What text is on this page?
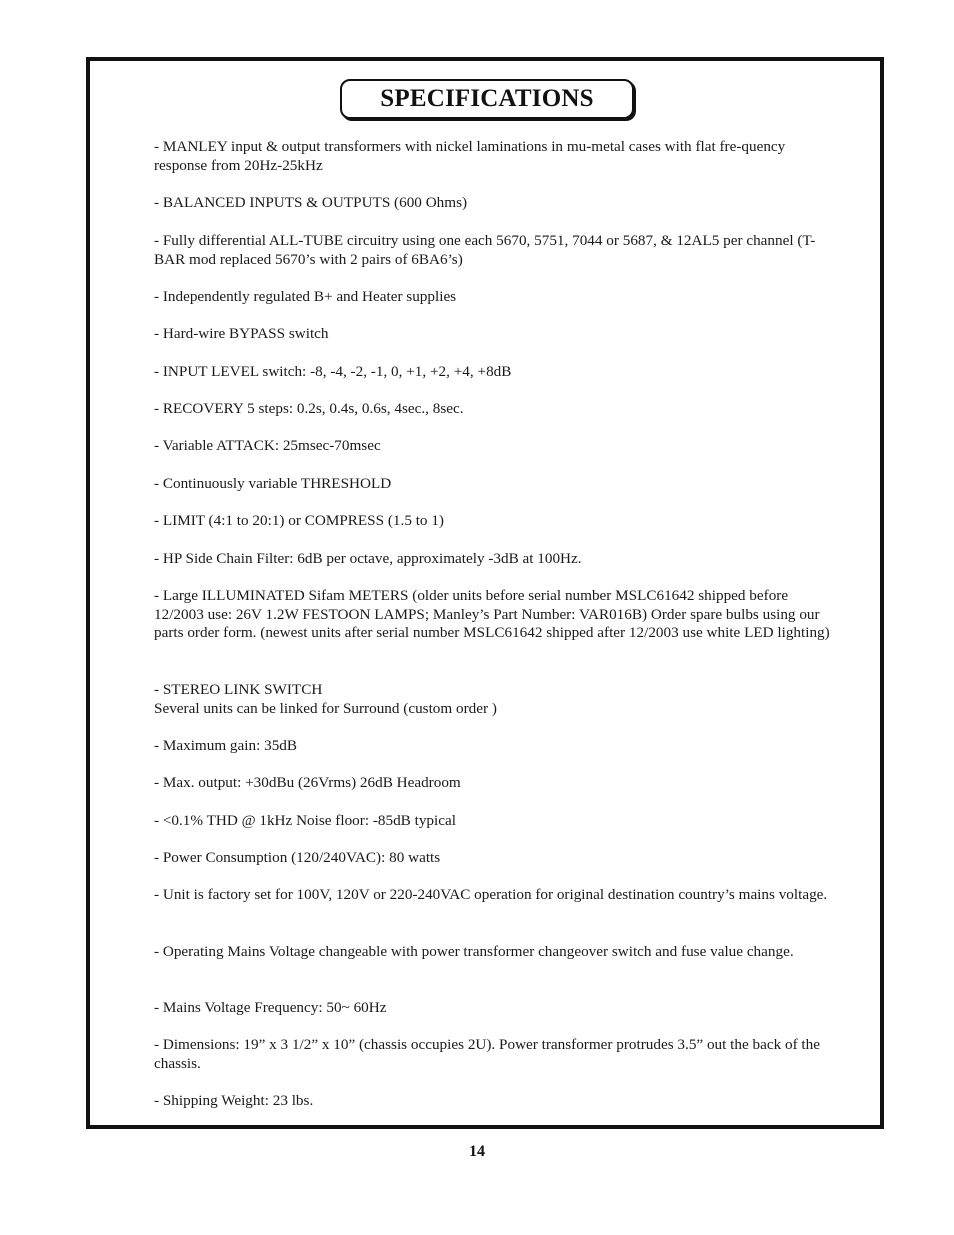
SPECIFICATIONS
- MANLEY input & output transformers with nickel laminations in mu-metal cases with flat fre-quency response from 20Hz-25kHz
- BALANCED INPUTS & OUTPUTS (600 Ohms)
- Fully differential ALL-TUBE circuitry using one each 5670, 5751, 7044 or 5687, & 12AL5 per channel (T-BAR mod replaced 5670’s with 2 pairs of 6BA6’s)
- Independently regulated B+ and Heater supplies
- Hard-wire BYPASS switch
- INPUT LEVEL switch: -8, -4, -2, -1, 0, +1, +2, +4, +8dB
- RECOVERY 5 steps: 0.2s, 0.4s, 0.6s, 4sec., 8sec.
- Variable ATTACK: 25msec-70msec
- Continuously variable THRESHOLD
- LIMIT (4:1 to 20:1) or COMPRESS (1.5 to 1)
- HP Side Chain Filter: 6dB per octave, approximately -3dB at 100Hz.
- Large ILLUMINATED Sifam METERS (older units before serial number MSLC61642 shipped before 12/2003 use: 26V 1.2W FESTOON LAMPS; Manley’s Part Number: VAR016B) Order spare bulbs using our parts order form. (newest units after serial number MSLC61642 shipped after 12/2003 use white LED lighting)
- STEREO LINK SWITCH
Several units can be linked for Surround (custom order )
- Maximum gain: 35dB
- Max. output: +30dBu (26Vrms) 26dB Headroom
- <0.1% THD @ 1kHz Noise floor: -85dB typical
- Power Consumption (120/240VAC): 80 watts
- Unit is factory set for 100V, 120V or 220-240VAC operation for original destination country’s mains voltage.
- Operating Mains Voltage changeable with power transformer changeover switch and fuse value change.
- Mains Voltage Frequency: 50~ 60Hz
- Dimensions: 19” x 3 1/2” x 10” (chassis occupies 2U). Power transformer protrudes 3.5” out the back of the chassis.
- Shipping Weight: 23 lbs.
14
